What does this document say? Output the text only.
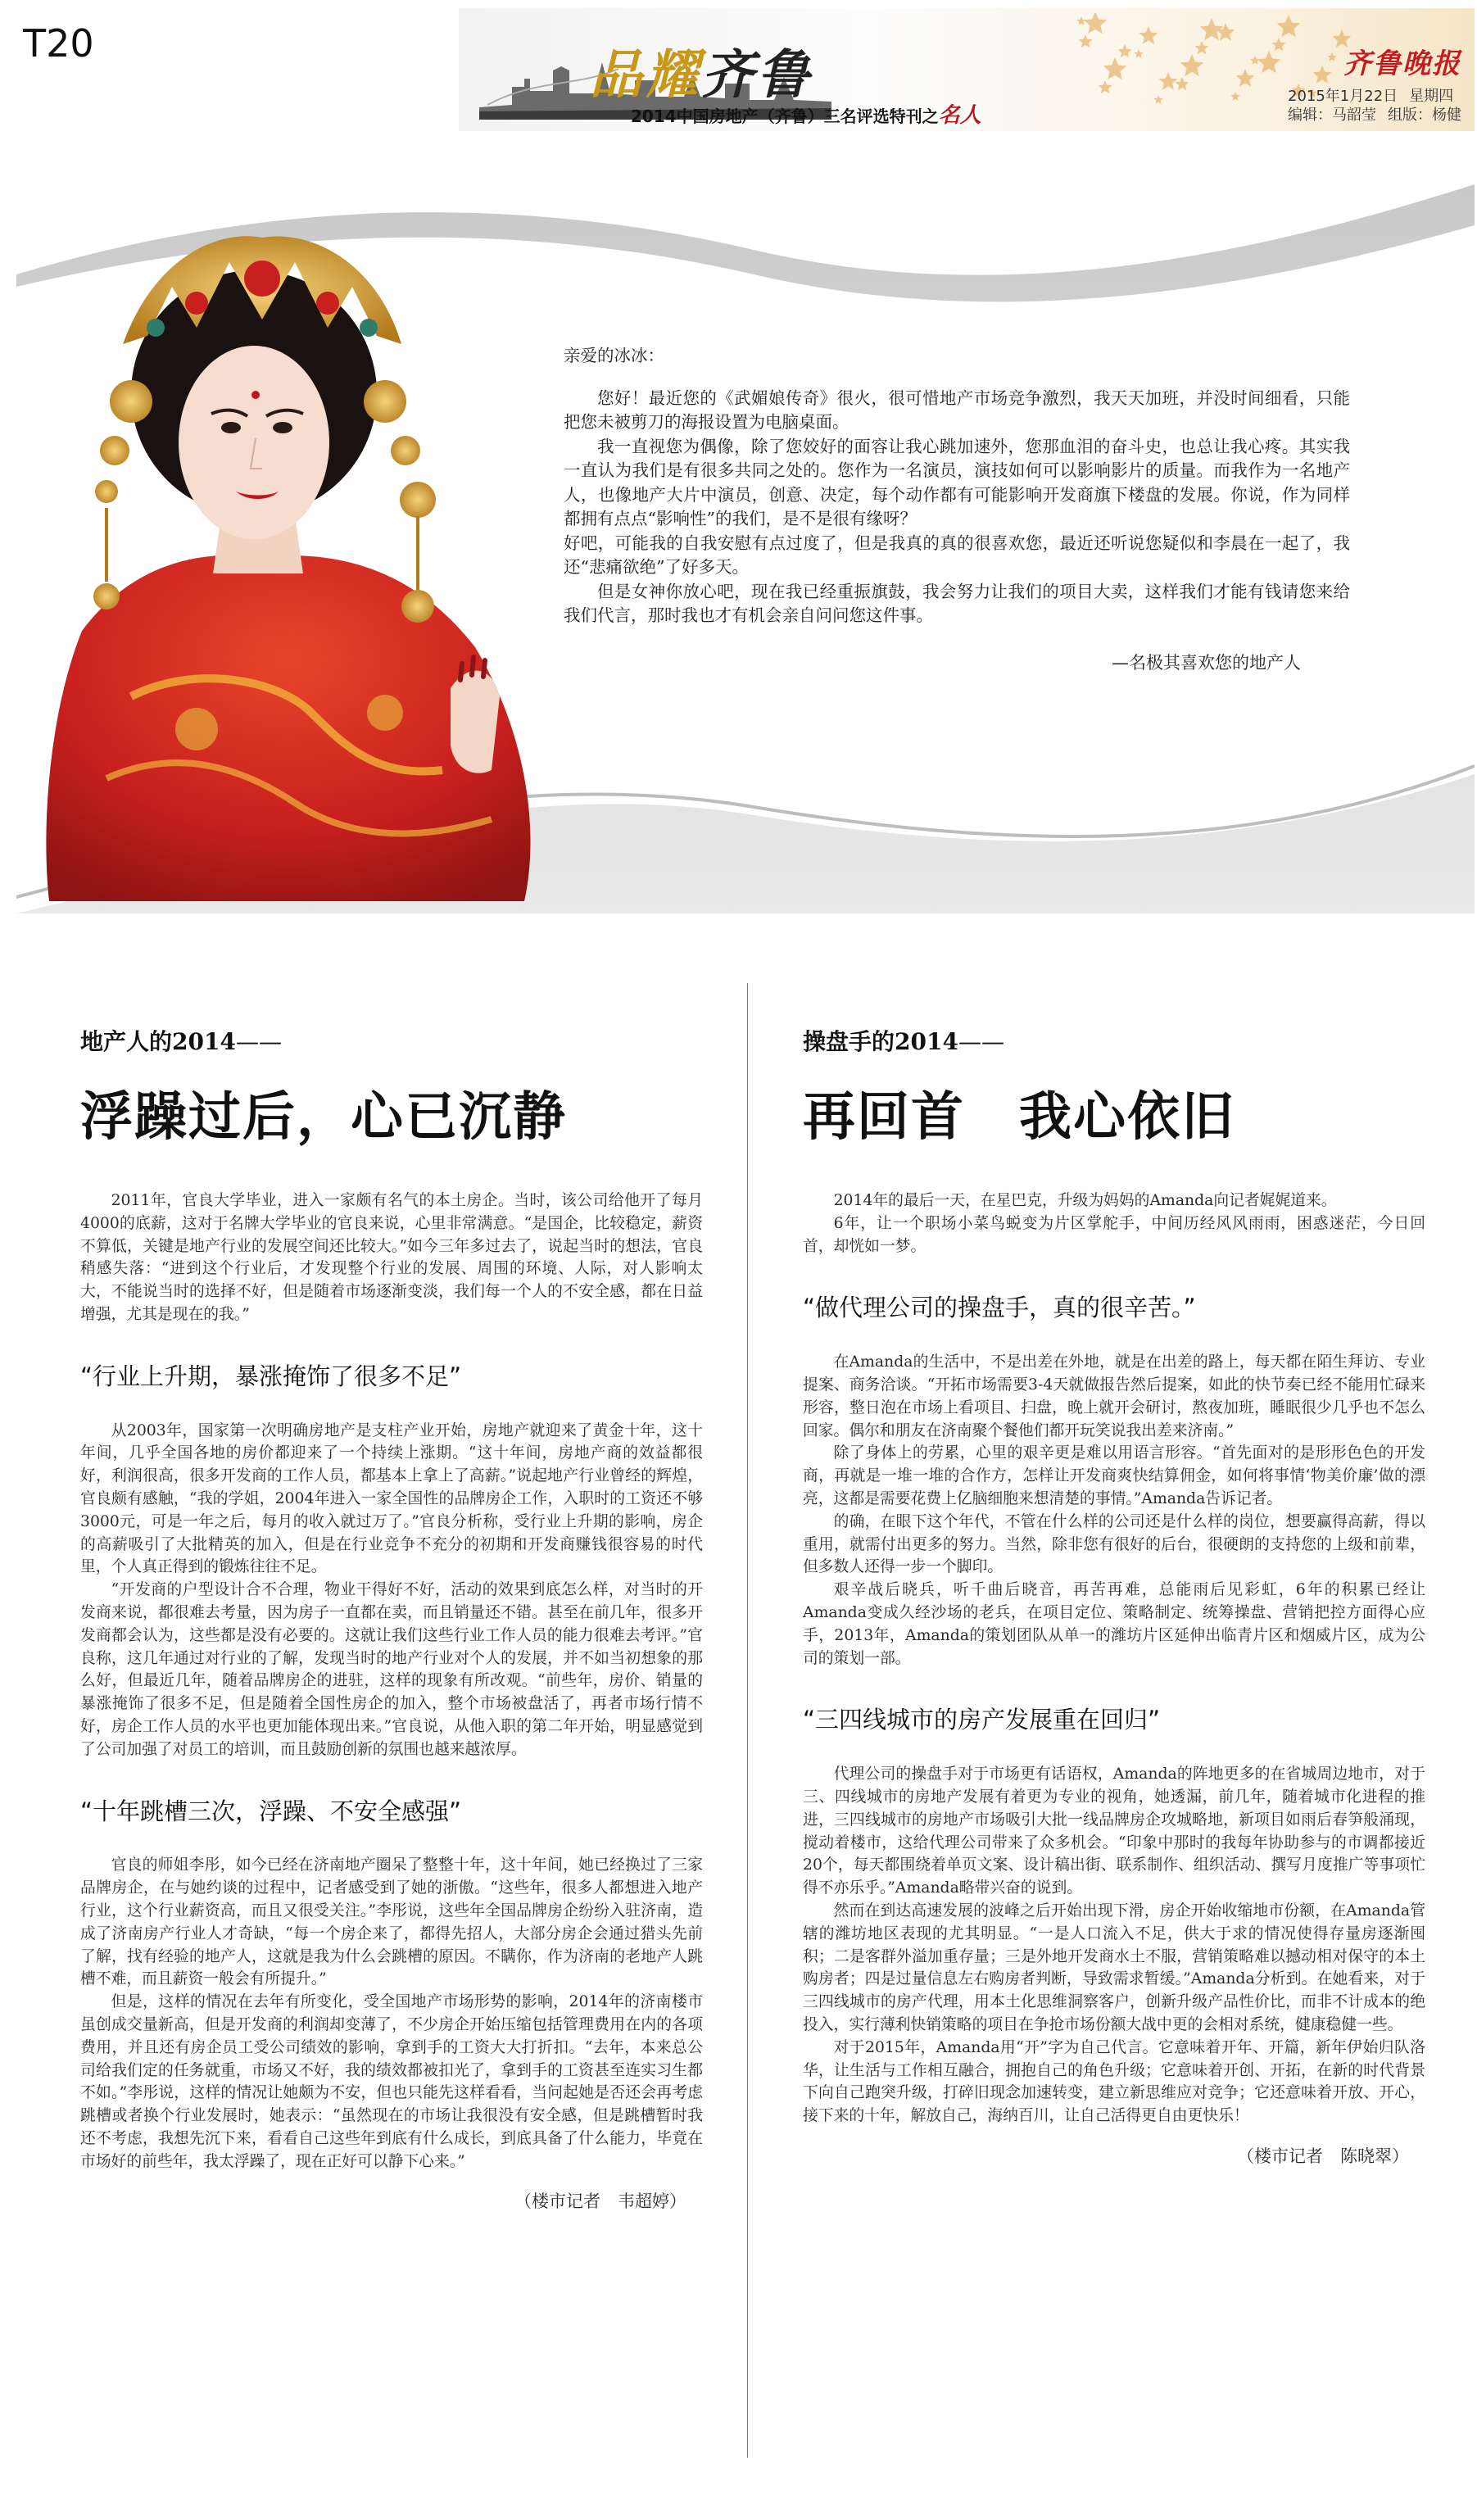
T20
品耀齐鲁
2014中国房地产（齐鲁）三名评选特刊之名人
齐鲁晚报
2015年1月22日 星期四
编辑：马韶莹 组版：杨健
亲爱的冰冰：

您好！最近您的《武媚娘传奇》很火，很可惜地产市场竞争激烈，我天天加班，并没时间细看，只能把您未被剪刀的海报设置为电脑桌面。

我一直视您为偶像，除了您姣好的面容让我心跳加速外，您那血泪的奋斗史，也总让我心疼。其实我一直认为我们是有很多共同之处的。您作为一名演员，演技如何可以影响影片的质量。而我作为一名地产人，也像地产大片中演员，创意、决定，每个动作都有可能影响开发商旗下楼盘的发展。你说，作为同样都拥有点点“影响性”的我们，是不是很有缘呀？

好吧，可能我的自我安慰有点过度了，但是我真的真的很喜欢您，最近还听说您疑似和李晨在一起了，我还“悲痛欲绝”了好多天。

但是女神你放心吧，现在我已经重振旗鼓，我会努力让我们的项目大卖，这样我们才能有钱请您来给我们代言，那时我也才有机会亲自问问您这件事。

—名极其喜欢您的地产人
地产人的2014——
浮躁过后，心已沉静

2011年，官良大学毕业，进入一家颇有名气的本土房企。当时，该公司给他开了每月4000的底薪，这对于名牌大学毕业的官良来说，心里非常满意。“是国企，比较稳定，薪资不算低，关键是地产行业的发展空间还比较大。”如今三年多过去了，说起当时的想法，官良稍感失落：“进到这个行业后，才发现整个行业的发展、周围的环境、人际，对人影响太大，不能说当时的选择不好，但是随着市场逐渐变淡，我们每一个人的不安全感，都在日益增强，尤其是现在的我。”

“行业上升期，暴涨掩饰了很多不足”

从2003年，国家第一次明确房地产是支柱产业开始，房地产就迎来了黄金十年，这十年间，几乎全国各地的房价都迎来了一个持续上涨期。“这十年间，房地产商的效益都很好，利润很高，很多开发商的工作人员，都基本上拿上了高薪。”说起地产行业曾经的辉煌，官良颇有感触，“我的学姐，2004年进入一家全国性的品牌房企工作，入职时的工资还不够3000元，可是一年之后，每月的收入就过万了。”官良分析称，受行业上升期的影响，房企的高薪吸引了大批精英的加入，但是在行业竞争不充分的初期和开发商赚钱很容易的时代里，个人真正得到的锻炼往往不足。

“开发商的户型设计合不合理，物业干得好不好，活动的效果到底怎么样，对当时的开发商来说，都很难去考量，因为房子一直都在卖，而且销量还不错。甚至在前几年，很多开发商都会认为，这些都是没有必要的。这就让我们这些行业工作人员的能力很难去考评。”官良称，这几年通过对行业的了解，发现当时的地产行业对个人的发展，并不如当初想象的那么好，但最近几年，随着品牌房企的进驻，这样的现象有所改观。“前些年，房价、销量的暴涨掩饰了很多不足，但是随着全国性房企的加入，整个市场被盘活了，再者市场行情不好，房企工作人员的水平也更加能体现出来。”官良说，从他入职的第二年开始，明显感觉到了公司加强了对员工的培训，而且鼓励创新的氛围也越来越浓厚。

“十年跳槽三次，浮躁、不安全感强”

官良的师姐李彤，如今已经在济南地产圈呆了整整十年，这十年间，她已经换过了三家品牌房企，在与她约谈的过程中，记者感受到了她的浙傲。“这些年，很多人都想进入地产行业，这个行业薪资高，而且又很受关注。”李彤说，这些年全国品牌房企纷纷入驻济南，造成了济南房产行业人才奇缺，“每一个房企来了，都得先招人，大部分房企会通过猎头先前了解，找有经验的地产人，这就是我为什么会跳槽的原因。不瞒你，作为济南的老地产人跳槽不难，而且薪资一般会有所提升。”

但是，这样的情况在去年有所变化，受全国地产市场形势的影响，2014年的济南楼市虽创成交量新高，但是开发商的利润却变薄了，不少房企开始压缩包括管理费用在内的各项费用，并且还有房企员工受公司绩效的影响，拿到手的工资大大打折扣。“去年，本来总公司给我们定的任务就重，市场又不好，我的绩效都被扣光了，拿到手的工资甚至连实习生都不如。”李彤说，这样的情况让她颇为不安，但也只能先这样看看，当问起她是否还会再考虑跳槽或者换个行业发展时，她表示：“虽然现在的市场让我很没有安全感，但是跳槽暂时我还不考虑，我想先沉下来，看看自己这些年到底有什么成长，到底具备了什么能力，毕竟在市场好的前些年，我太浮躁了，现在正好可以静下心来。”

（楼市记者　韦超婷）
操盘手的2014——
再回首　我心依旧

2014年的最后一天，在星巴克，升级为妈妈的Amanda向记者娓娓道来。

6年，让一个职场小菜鸟蜕变为片区掌舵手，中间历经风风雨雨，困惑迷茫，今日回首，却恍如一梦。

“做代理公司的操盘手，真的很辛苦。”

在Amanda的生活中，不是出差在外地，就是在出差的路上，每天都在陌生拜访、专业提案、商务洽谈。“开拓市场需要3-4天就做报告然后提案，如此的快节奏已经不能用忙碌来形容，整日泡在市场上看项目、扫盘，晚上就开会研讨，熬夜加班，睡眠很少几乎也不怎么回家。偶尔和朋友在济南聚个餐他们都开玩笑说我出差来济南。”

除了身体上的劳累，心里的艰辛更是难以用语言形容。“首先面对的是形形色色的开发商，再就是一堆一堆的合作方，怎样让开发商爽快结算佣金，如何将事情‘物美价廉’做的漂亮，这都是需要花费上亿脑细胞来想清楚的事情。”Amanda告诉记者。

的确，在眼下这个年代，不管在什么样的公司还是什么样的岗位，想要赢得高薪，得以重用，就需付出更多的努力。当然，除非您有很好的后台，很硬朗的支持您的上级和前辈，但多数人还得一步一个脚印。

艰辛战后晓兵，听千曲后晓音，再苦再难，总能雨后见彩虹，6年的积累已经让Amanda变成久经沙场的老兵，在项目定位、策略制定、统筹操盘、营销把控方面得心应手，2013年，Amanda的策划团队从单一的潍坊片区延伸出临青片区和烟威片区，成为公司的策划一部。

“三四线城市的房产发展重在回归”

代理公司的操盘手对于市场更有话语权，Amanda的阵地更多的在省城周边地市，对于三、四线城市的房地产发展有着更为专业的视角，她透漏，前几年，随着城市化进程的推进，三四线城市的房地产市场吸引大批一线品牌房企攻城略地，新项目如雨后春笋般涌现，搅动着楼市，这给代理公司带来了众多机会。“印象中那时的我每年协助参与的市调都接近20个，每天都围绕着单页文案、设计稿出街、联系制作、组织活动、撰写月度推广等事项忙得不亦乐乎。”Amanda略带兴奋的说到。

然而在到达高速发展的波峰之后开始出现下滑，房企开始收缩地市份额，在Amanda管辖的潍坊地区表现的尤其明显。“一是人口流入不足，供大于求的情况使得存量房逐渐囤积；二是客群外溢加重存量；三是外地开发商水土不服，营销策略难以撼动相对保守的本土购房者；四是过量信息左右购房者判断，导致需求暂缓。”Amanda分析到。在她看来，对于三四线城市的房产代理，用本土化思维洞察客户，创新升级产品性价比，而非不计成本的绝投入，实行薄利快销策略的项目在争抢市场份额大战中更的会相对系统，健康稳健一些。

对于2015年，Amanda用“开”字为自己代言。它意味着开年、开篇，新年伊始归队洛华，让生活与工作相互融合，拥抱自己的角色升级；它意味着开创、开拓，在新的时代背景下向自己跑突升级，打碎旧现念加速转变，建立新思维应对竞争；它还意味着开放、开心，接下来的十年，解放自己，海纳百川，让自己活得更自由更快乐！

（楼市记者　陈晓翠）
